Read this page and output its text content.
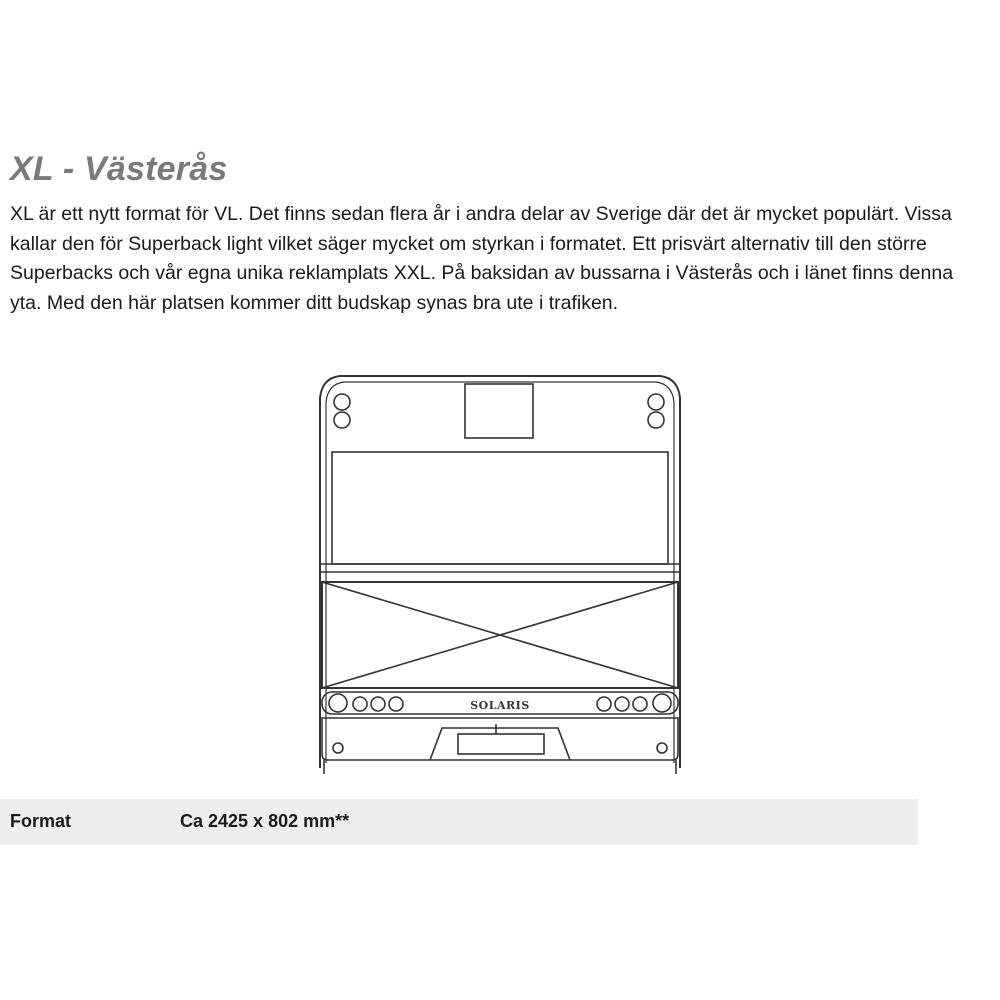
XL - Västerås

XL är ett nytt format för VL. Det finns sedan flera år i andra delar av Sverige där det är mycket populärt. Vissa kallar den för Superback light vilket säger mycket om styrkan i formatet. Ett prisvärt alternativ till den större Superbacks och vår egna unika reklamplats XXL. På baksidan av bussarna i Västerås och i länet finns denna yta. Med den här platsen kommer ditt budskap synas bra ute i trafiken.

SOLARIS
Format	Ca 2425 x 802 mm**
